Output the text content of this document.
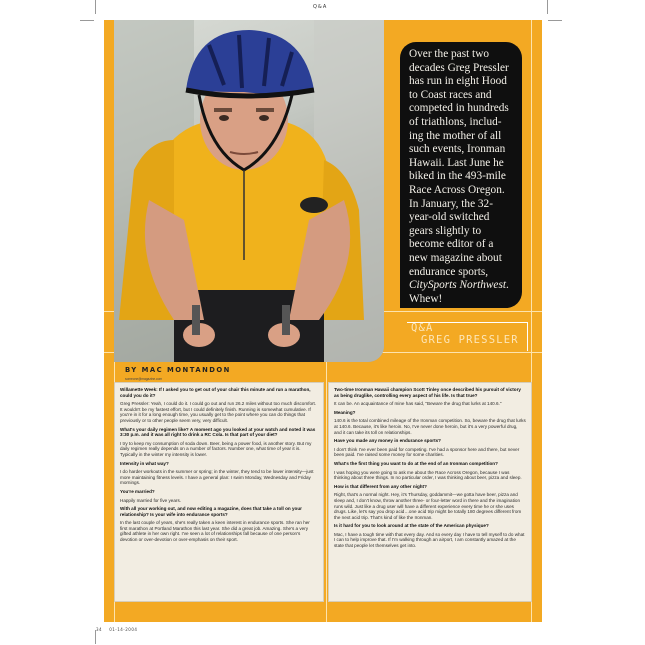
Q&A
Over the past two
decades Greg Pressler
has run in eight Hood
to Coast races and
competed in hundreds
of triathlons, includ-
ing the mother of all
such events, Ironman
Hawaii. Last June he
biked in the 493-mile
Race Across Oregon.
In January, the 32-
year-old switched
gears slightly to
become editor of a
new magazine about
endurance sports,
CitySports Northwest.
Whew!
Q&A
GREG PRESSLER
BY MAC MONTANDON
someone@magazine.com

Willamette Week: If I asked you to get out of your chair this minute and run a marathon, could you do it?

Greg Pressler: Yeah, I could do it. I could go out and run 26.2 miles without too much discomfort. It wouldn't be my fastest effort, but I could definitely finish. Running is somewhat cumulative. If you're in it for a long enough time, you usually get to the point where you can do things that previously or to other people seem very, very difficult.

What's your daily regimen like? A moment ago you looked at your watch and noted it was 3:30 p.m. and it was all right to drink a RC Cola. Is that part of your diet?

I try to keep my consumption of soda down. Beer, being a power food, is another story. But my daily regimen really depends on a number of factors. Number one, what time of year it is. Typically in the winter my intensity is lower.

Intensity in what way?

I do harder workouts in the summer or spring; in the winter, they tend to be lower intensity—just more maintaining fitness levels. I have a general plan: I swim Monday, Wednesday and Friday mornings.

You're married?

Happily married for five years.

With all your working out, and now editing a magazine, does that take a toll on your relationship? Is your wife into endurance sports?

In the last couple of years, she's really taken a keen interest in endurance sports. She ran her first marathon at Portland Marathon this last year. She did a great job. Amazing. She's a very gifted athlete in her own right. I've seen a lot of relationships fall because of one person's devotion or over-devotion or over-emphasis on their sport.

Two-time Ironman Hawaii champion Scott Tinley once described his pursuit of victory as being druglike, controlling every aspect of his life. Is that true?

It can be. An acquaintance of mine has said, "Beware the drug that lurks at 140.6."

Meaning?

140.6 is the total combined mileage of the Ironman competition. So, beware the drug that lurks at 140.6. Because, it's like heroin. No, I've never done heroin, but it's a very powerful drug, and it can take its toll on relationships.

Have you made any money in endurance sports?

I don't think I've ever been paid for competing. I've had a sponsor here and there, but never been paid. I've raised some money for some charities.

What's the first thing you want to do at the end of an Ironman competition?

I was hoping you were going to ask me about the Race Across Oregon, because I was thinking about three things. In no particular order, I was thinking about beer, pizza and sleep.

How is that different from any other night?

Right, that's a normal night. Hey, it's Thursday, goddammit—we gotta have beer, pizza and sleep and, I don't know, throw another three- or four-letter word in there and the imagination runs wild. Just like a drug user will have a different experience every time he or she uses drugs. Like, let's say you drop acid…one acid trip might be totally 180 degrees different from the next acid trip. That's kind of like the Ironman.

Is it hard for you to look around at the state of the American physique?

Mac, I have a tough time with that every day. And so every day I have to tell myself to do what I can to help improve that. If I'm walking through an airport, I am constantly amazed at the state that people let themselves get into.

34 01-14-2004
